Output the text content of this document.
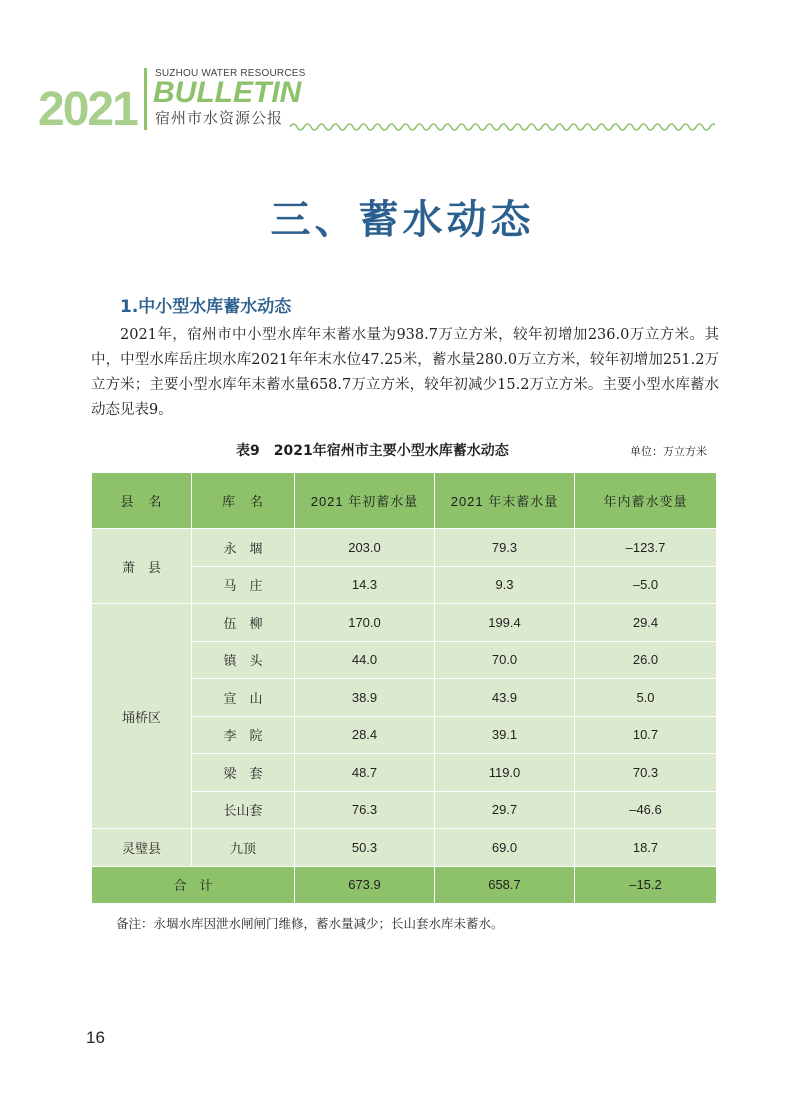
2021
SUZHOU WATER RESOURCES
BULLETIN
宿州市水资源公报
三、蓄水动态
1.中小型水库蓄水动态
2021年，宿州市中小型水库年末蓄水量为938.7万立方米，较年初增加236.0万立方米。其中，中型水库岳庄坝水库2021年年末水位47.25米，蓄水量280.0万立方米，较年初增加251.2万立方米；主要小型水库年末蓄水量658.7万立方米，较年初减少15.2万立方米。主要小型水库蓄水动态见表9。
表9　2021年宿州市主要小型水库蓄水动态	单位：万立方米
县　名	库　名	2021 年初蓄水量	2021 年末蓄水量	年内蓄水变量
萧　县	永　堌	203.0	79.3	–123.7
	马　庄	14.3	9.3	–5.0
埇桥区	伍　柳	170.0	199.4	29.4
	镇　头	44.0	70.0	26.0
	宣　山	38.9	43.9	5.0
	李　院	28.4	39.1	10.7
	梁　套	48.7	119.0	70.3
	长山套	76.3	29.7	–46.6
灵璧县	九顶	50.3	69.0	18.7
合　计		673.9	658.7	–15.2
备注：永堌水库因泄水闸闸门维修，蓄水量减少；长山套水库未蓄水。
16
